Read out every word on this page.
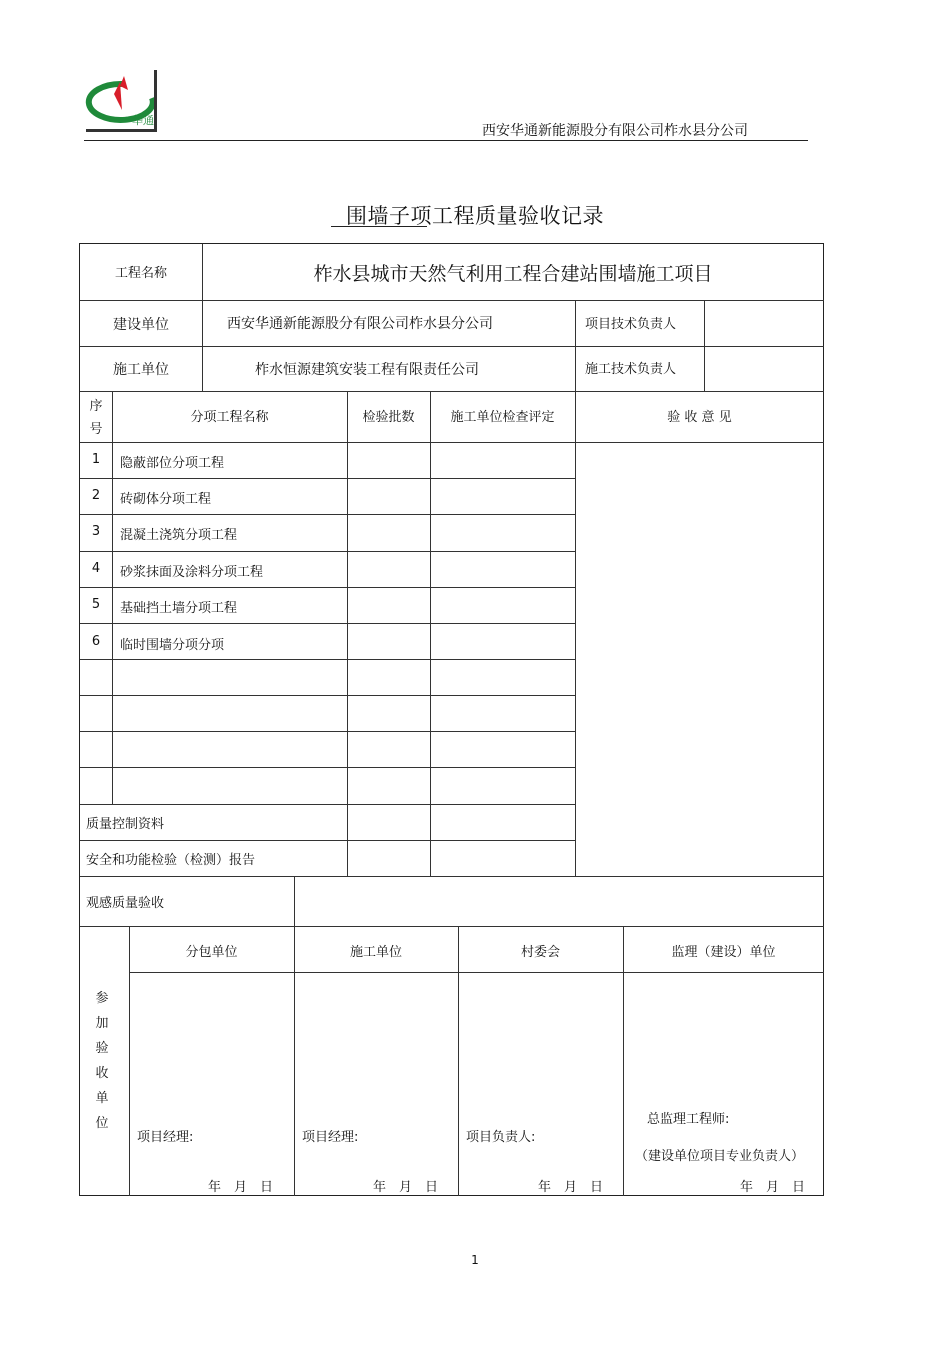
华通
西安华通新能源股分有限公司柞水县分公司
围墙子项工程质量验收记录
工程名称	柞水县城市天然气利用工程合建站围墙施工项目
建设单位	西安华通新能源股分有限公司柞水县分公司	项目技术负责人
施工单位	柞水恒源建筑安装工程有限责任公司	施工技术负责人
序
号
分项工程名称	检验批数	施工单位检查评定	验 收 意 见
1	隐蔽部位分项工程
2	砖砌体分项工程
3	混凝土浇筑分项工程
4	砂浆抹面及涂料分项工程
5	基础挡土墙分项工程
6	临时围墙分项分项
质量控制资料
安全和功能检验（检测）报告
观感质量验收
参
加
验
收
单
位
分包单位	施工单位	村委会	监理（建设）单位
项目经理:	项目经理:	项目负责人:
总监理工程师:
（建设单位项目专业负责人）
年　月　日	年　月　日	年　月　日	年　月　日
1
